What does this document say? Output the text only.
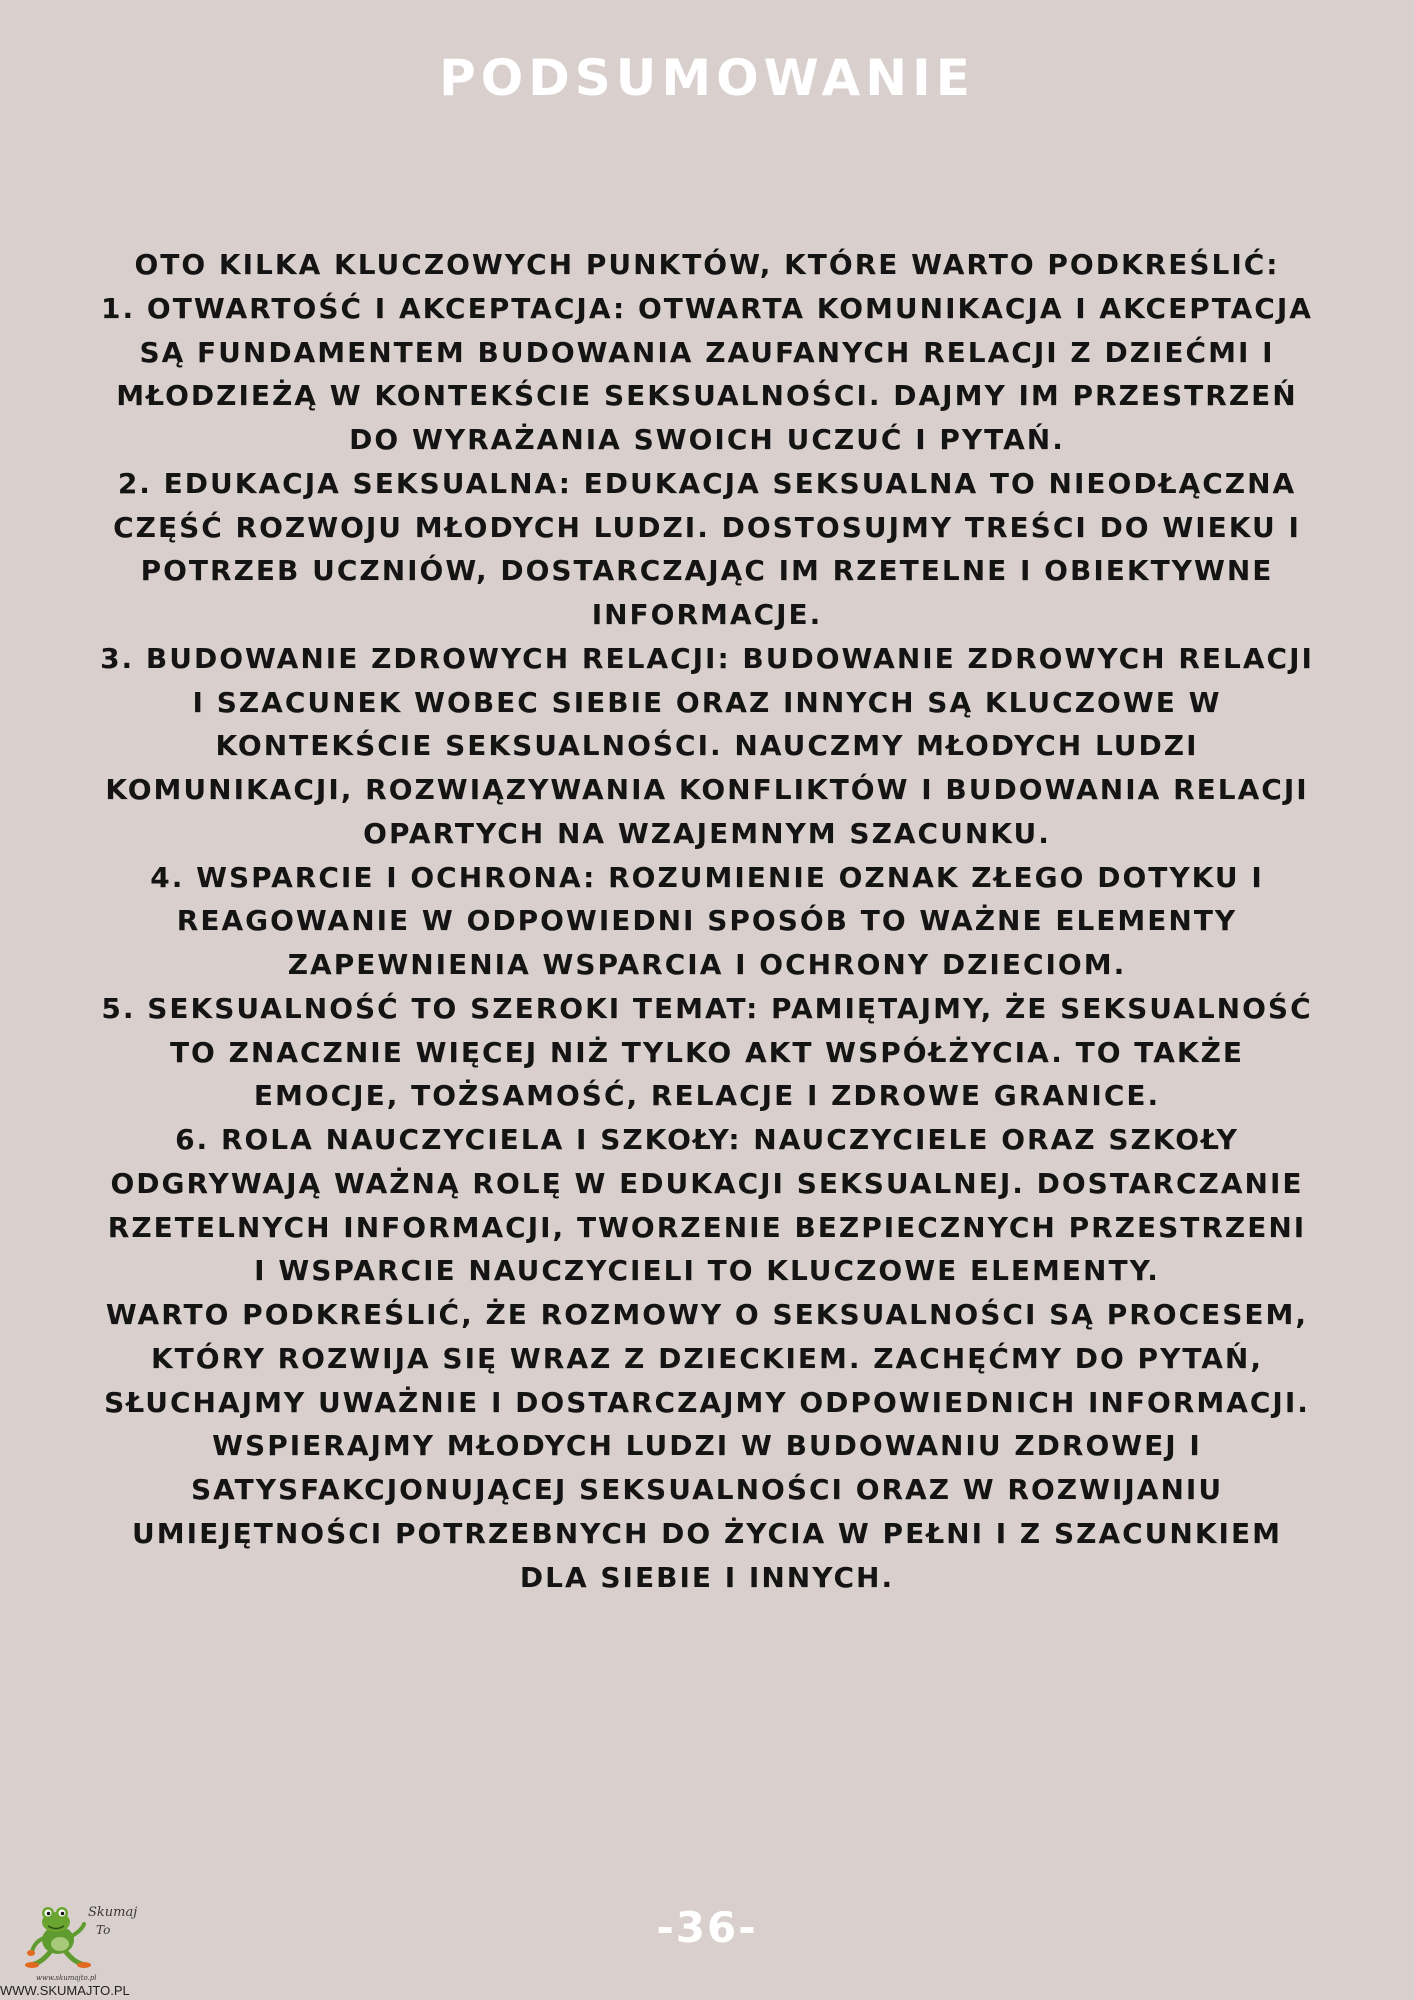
PODSUMOWANIE

OTO KILKA KLUCZOWYCH PUNKTÓW, KTÓRE WARTO PODKREŚLIĆ:

1. OTWARTOŚĆ I AKCEPTACJA: OTWARTA KOMUNIKACJA I AKCEPTACJA SĄ FUNDAMENTEM BUDOWANIA ZAUFANYCH RELACJI Z DZIEĆMI I MŁODZIEŻĄ W KONTEKŚCIE SEKSUALNOŚCI. DAJMY IM PRZESTRZEŃ DO WYRAŻANIA SWOICH UCZUĆ I PYTAŃ.

2. EDUKACJA SEKSUALNA: EDUKACJA SEKSUALNA TO NIEODŁĄCZNA CZĘŚĆ ROZWOJU MŁODYCH LUDZI. DOSTOSUJMY TREŚCI DO WIEKU I POTRZEB UCZNIÓW, DOSTARCZAJĄC IM RZETELNE I OBIEKTYWNE INFORMACJE.

3. BUDOWANIE ZDROWYCH RELACJI: BUDOWANIE ZDROWYCH RELACJI I SZACUNEK WOBEC SIEBIE ORAZ INNYCH SĄ KLUCZOWE W KONTEKŚCIE SEKSUALNOŚCI. NAUCZMY MŁODYCH LUDZI KOMUNIKACJI, ROZWIĄZYWANIA KONFLIKTÓW I BUDOWANIA RELACJI OPARTYCH NA WZAJEMNYM SZACUNKU.

4. WSPARCIE I OCHRONA: ROZUMIENIE OZNAK ZŁEGO DOTYKU I REAGOWANIE W ODPOWIEDNI SPOSÓB TO WAŻNE ELEMENTY ZAPEWNIENIA WSPARCIA I OCHRONY DZIECIOM.

5. SEKSUALNOŚĆ TO SZEROKI TEMAT: PAMIĘTAJMY, ŻE SEKSUALNOŚĆ TO ZNACZNIE WIĘCEJ NIŻ TYLKO AKT WSPÓŁŻYCIA. TO TAKŻE EMOCJE, TOŻSAMOŚĆ, RELACJE I ZDROWE GRANICE.

6. ROLA NAUCZYCIELA I SZKOŁY: NAUCZYCIELE ORAZ SZKOŁY ODGRYWAJĄ WAŻNĄ ROLĘ W EDUKACJI SEKSUALNEJ. DOSTARCZANIE RZETELNYCH INFORMACJI, TWORZENIE BEZPIECZNYCH PRZESTRZENI I WSPARCIE NAUCZYCIELI TO KLUCZOWE ELEMENTY.

WARTO PODKREŚLIĆ, ŻE ROZMOWY O SEKSUALNOŚCI SĄ PROCESEM, KTÓRY ROZWIJA SIĘ WRAZ Z DZIECKIEM. ZACHĘĆMY DO PYTAŃ, SŁUCHAJMY UWAŻNIE I DOSTARCZAJMY ODPOWIEDNICH INFORMACJI. WSPIERAJMY MŁODYCH LUDZI W BUDOWANIU ZDROWEJ I SATYSFAKCJONUJĄCEJ SEKSUALNOŚCI ORAZ W ROZWIJANIU UMIEJĘTNOŚCI POTRZEBNYCH DO ŻYCIA W PEŁNI I Z SZACUNKIEM DLA SIEBIE I INNYCH.

-36-
Skumaj
To
www.skumajto.pl
WWW.SKUMAJTO.PL
